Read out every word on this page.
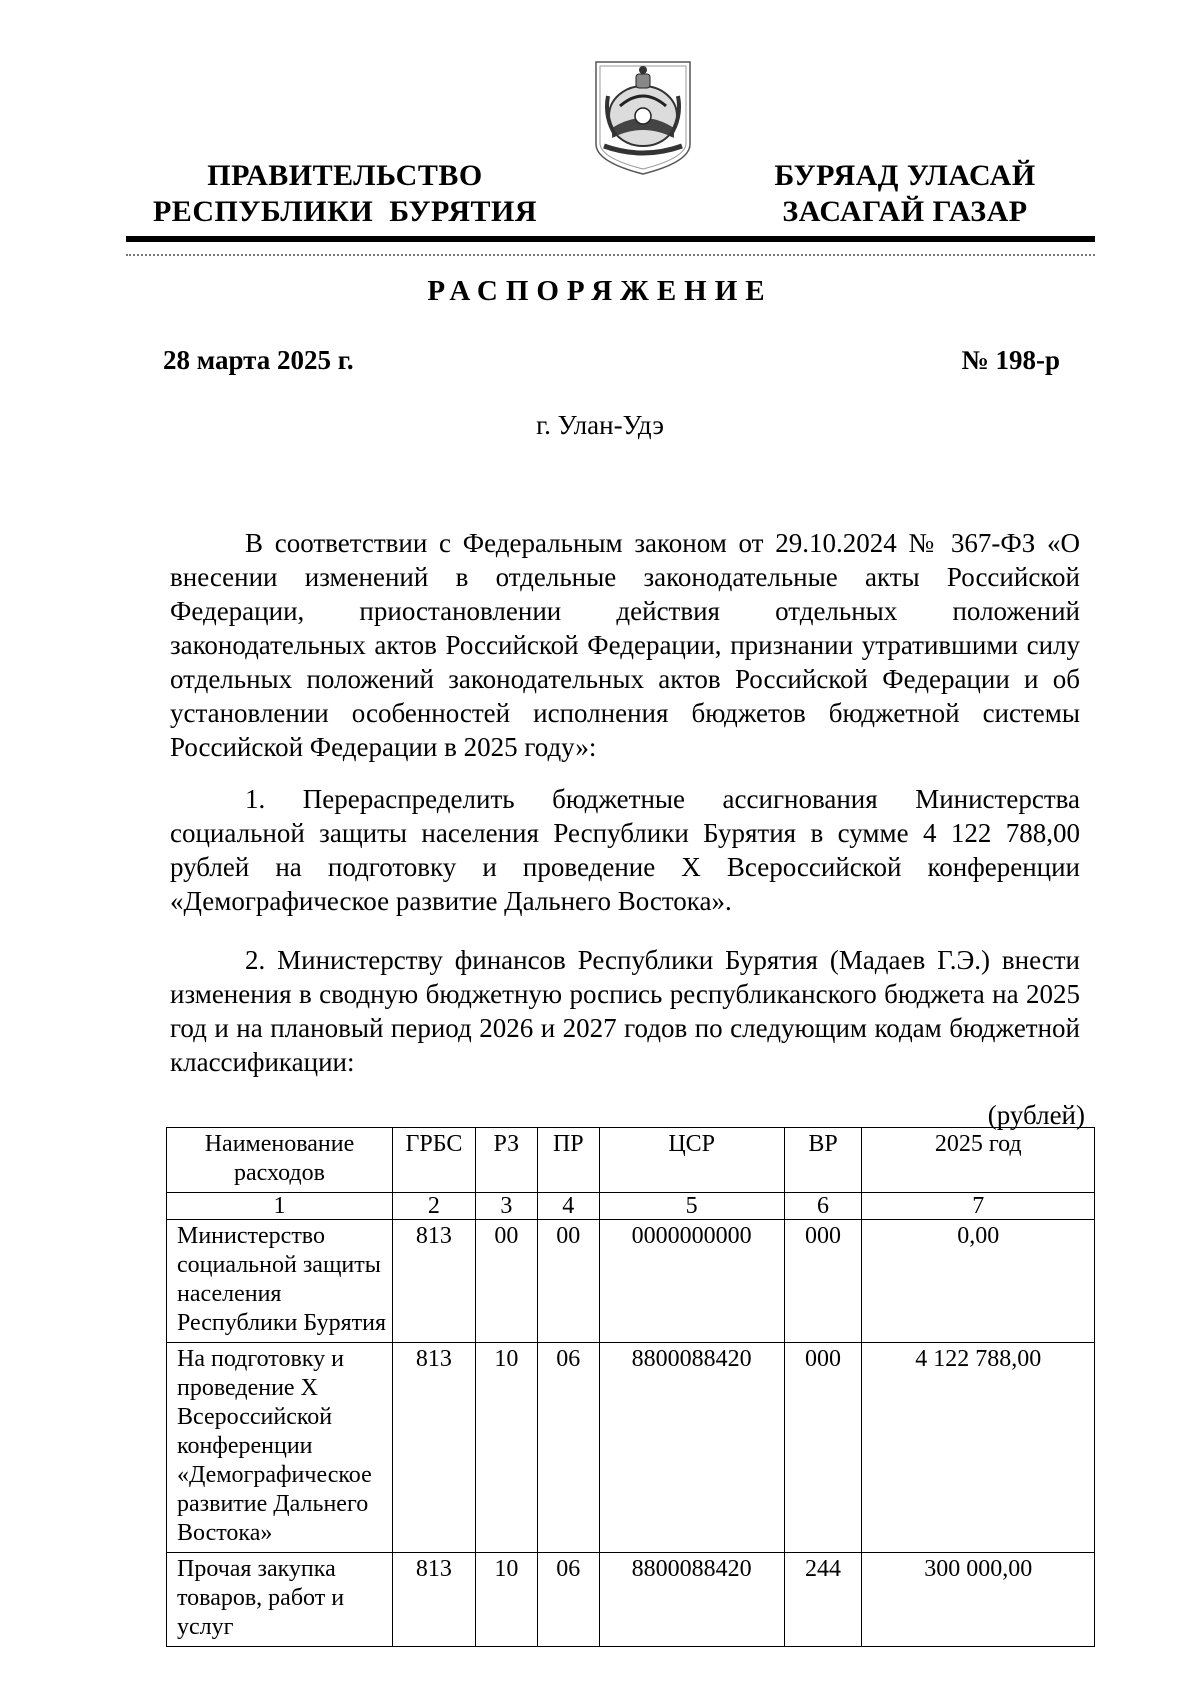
ПРАВИТЕЛЬСТВО
РЕСПУБЛИКИ  БУРЯТИЯ
БУРЯАД УЛАСАЙ
ЗАСАГАЙ ГАЗАР
РАСПОРЯЖЕНИЕ
28 марта 2025 г.	№ 198-р
г. Улан-Удэ

В соответствии с Федеральным законом от 29.10.2024 № 367-ФЗ «О внесении изменений в отдельные законодательные акты Российской Федерации, приостановлении действия отдельных положений законодательных актов Российской Федерации, признании утратившими силу отдельных положений законодательных актов Российской Федерации и об установлении особенностей исполнения бюджетов бюджетной системы Российской Федерации в 2025 году»:

1. Перераспределить бюджетные ассигнования Министерства социальной защиты населения Республики Бурятия в сумме 4 122 788,00 рублей на подготовку и проведение X Всероссийской конференции «Демографическое развитие Дальнего Востока».

2. Министерству финансов Республики Бурятия (Мадаев Г.Э.) внести изменения в сводную бюджетную роспись республиканского бюджета на 2025 год и на плановый период 2026 и 2027 годов по следующим кодам бюджетной классификации:

(рублей)
Наименование расходов	ГРБС	РЗ	ПР	ЦСР	ВР	2025 год
1	2	3	4	5	6	7
Министерство социальной защиты населения Республики Бурятия	813	00	00	0000000000	000	0,00
На подготовку и проведение X Всероссийской конференции «Демографическое развитие Дальнего Востока»	813	10	06	8800088420	000	4 122 788,00
Прочая закупка товаров, работ и услуг	813	10	06	8800088420	244	300 000,00
